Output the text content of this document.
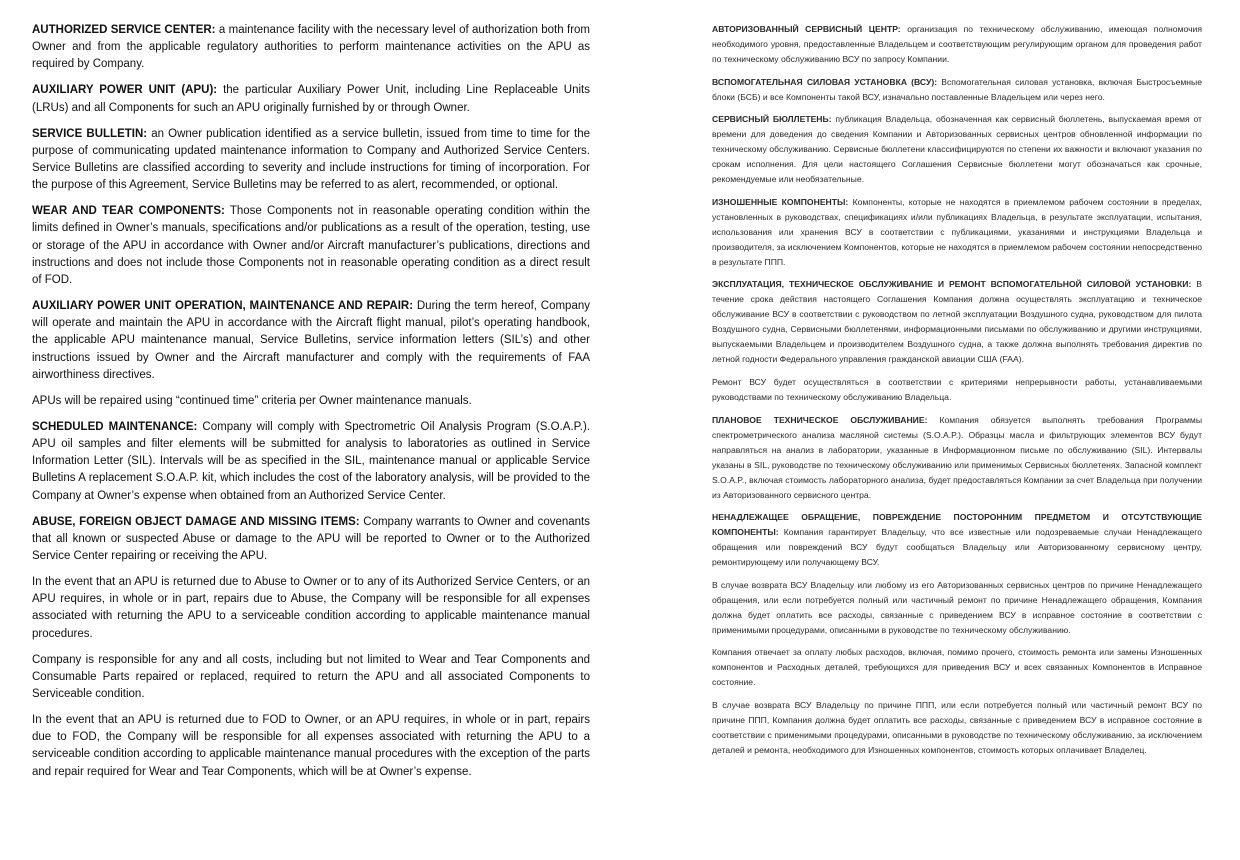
AUTHORIZED SERVICE CENTER: a maintenance facility with the necessary level of authorization both from Owner and from the applicable regulatory authorities to perform maintenance activities on the APU as required by Company.

AUXILIARY POWER UNIT (APU): the particular Auxiliary Power Unit, including Line Replaceable Units (LRUs) and all Components for such an APU originally furnished by or through Owner.

SERVICE BULLETIN: an Owner publication identified as a service bulletin, issued from time to time for the purpose of communicating updated maintenance information to Company and Authorized Service Centers. Service Bulletins are classified according to severity and include instructions for timing of incorporation. For the purpose of this Agreement, Service Bulletins may be referred to as alert, recommended, or optional.

WEAR AND TEAR COMPONENTS: Those Components not in reasonable operating condition within the limits defined in Owner’s manuals, specifications and/or publications as a result of the operation, testing, use or storage of the APU in accordance with Owner and/or Aircraft manufacturer’s publications, directions and instructions and does not include those Components not in reasonable operating condition as a direct result of FOD.

AUXILIARY POWER UNIT OPERATION, MAINTENANCE AND REPAIR: During the term hereof, Company will operate and maintain the APU in accordance with the Aircraft flight manual, pilot’s operating handbook, the applicable APU maintenance manual, Service Bulletins, service information letters (SIL’s) and other instructions issued by Owner and the Aircraft manufacturer and comply with the requirements of FAA airworthiness directives.

APUs will be repaired using “continued time” criteria per Owner maintenance manuals.

SCHEDULED MAINTENANCE: Company will comply with Spectrometric Oil Analysis Program (S.O.A.P.). APU oil samples and filter elements will be submitted for analysis to laboratories as outlined in Service Information Letter (SIL). Intervals will be as specified in the SIL, maintenance manual or applicable Service Bulletins A replacement S.O.A.P. kit, which includes the cost of the laboratory analysis, will be provided to the Company at Owner’s expense when obtained from an Authorized Service Center.

ABUSE, FOREIGN OBJECT DAMAGE AND MISSING ITEMS: Company warrants to Owner and covenants that all known or suspected Abuse or damage to the APU will be reported to Owner or to the Authorized Service Center repairing or receiving the APU.

In the event that an APU is returned due to Abuse to Owner or to any of its Authorized Service Centers, or an APU requires, in whole or in part, repairs due to Abuse, the Company will be responsible for all expenses associated with returning the APU to a serviceable condition according to applicable maintenance manual procedures.

Company is responsible for any and all costs, including but not limited to Wear and Tear Components and Consumable Parts repaired or replaced, required to return the APU and all associated Components to Serviceable condition.

In the event that an APU is returned due to FOD to Owner, or an APU requires, in whole or in part, repairs due to FOD, the Company will be responsible for all expenses associated with returning the APU to a serviceable condition according to applicable maintenance manual procedures with the exception of the parts and repair required for Wear and Tear Components, which will be at Owner’s expense.

АВТОРИЗОВАННЫЙ СЕРВИСНЫЙ ЦЕНТР: организация по техническому обслуживанию, имеющая полномочия необходимого уровня, предоставленные Владельцем и соответствующим регулирующим органом для проведения работ по техническому обслуживанию ВСУ по запросу Компании.

ВСПОМОГАТЕЛЬНАЯ СИЛОВАЯ УСТАНОВКА (ВСУ): Вспомогательная силовая установка, включая Быстросъемные блоки (БСБ) и все Компоненты такой ВСУ, изначально поставленные Владельцем или через него.

СЕРВИСНЫЙ БЮЛЛЕТЕНЬ: публикация Владельца, обозначенная как сервисный бюллетень, выпускаемая время от времени для доведения до сведения Компании и Авторизованных сервисных центров обновленной информации по техническому обслуживанию. Сервисные бюллетени классифицируются по степени их важности и включают указания по срокам исполнения. Для цели настоящего Соглашения Сервисные бюллетени могут обозначаться как срочные, рекомендуемые или необязательные.

ИЗНОШЕННЫЕ КОМПОНЕНТЫ: Компоненты, которые не находятся в приемлемом рабочем состоянии в пределах, установленных в руководствах, спецификациях и/или публикациях Владельца, в результате эксплуатации, испытания, использования или хранения ВСУ в соответствии с публикациями, указаниями и инструкциями Владельца и производителя, за исключением Компонентов, которые не находятся в приемлемом рабочем состоянии непосредственно в результате ППП.

ЭКСПЛУАТАЦИЯ, ТЕХНИЧЕСКОЕ ОБСЛУЖИВАНИЕ И РЕМОНТ ВСПОМОГАТЕЛЬНОЙ СИЛОВОЙ УСТАНОВКИ: В течение срока действия настоящего Соглашения Компания должна осуществлять эксплуатацию и техническое обслуживание ВСУ в соответствии с руководством по летной эксплуатации Воздушного судна, руководством для пилота Воздушного судна, Сервисными бюллетенями, информационными письмами по обслуживанию и другими инструкциями, выпускаемыми Владельцем и производителем Воздушного судна, а также должна выполнять требования директив по летной годности Федерального управления гражданской авиации США (FAA).

Ремонт ВСУ будет осуществляться в соответствии с критериями непрерывности работы, устанавливаемыми руководствами по техническому обслуживанию Владельца.

ПЛАНОВОЕ ТЕХНИЧЕСКОЕ ОБСЛУЖИВАНИЕ: Компания обязуется выполнять требования Программы спектрометрического анализа масляной системы (S.O.A.P.). Образцы масла и фильтрующих элементов ВСУ будут направляться на анализ в лаборатории, указанные в Информационном письме по обслуживанию (SIL). Интервалы указаны в SIL, руководстве по техническому обслуживанию или применимых Сервисных бюллетенях. Запасной комплект S.O.A.P., включая стоимость лабораторного анализа, будет предоставляться Компании за счет Владельца при получении из Авторизованного сервисного центра.

НЕНАДЛЕЖАЩЕЕ ОБРАЩЕНИЕ, ПОВРЕЖДЕНИЕ ПОСТОРОННИМ ПРЕДМЕТОМ И ОТСУТСТВУЮЩИЕ КОМПОНЕНТЫ: Компания гарантирует Владельцу, что все известные или подозреваемые случаи Ненадлежащего обращения или повреждений ВСУ будут сообщаться Владельцу или Авторизованному сервисному центру, ремонтирующему или получающему ВСУ.

В случае возврата ВСУ Владельцу или любому из его Авторизованных сервисных центров по причине Ненадлежащего обращения, или если потребуется полный или частичный ремонт по причине Ненадлежащего обращения, Компания должна будет оплатить все расходы, связанные с приведением ВСУ в исправное состояние в соответствии с применимыми процедурами, описанными в руководстве по техническому обслуживанию.

Компания отвечает за оплату любых расходов, включая, помимо прочего, стоимость ремонта или замены Изношенных компонентов и Расходных деталей, требующихся для приведения ВСУ и всех связанных Компонентов в Исправное состояние.

В случае возврата ВСУ Владельцу по причине ППП, или если потребуется полный или частичный ремонт ВСУ по причине ППП, Компания должна будет оплатить все расходы, связанные с приведением ВСУ в исправное состояние в соответствии с применимыми процедурами, описанными в руководстве по техническому обслуживанию, за исключением деталей и ремонта, необходимого для Изношенных компонентов, стоимость которых оплачивает Владелец.
